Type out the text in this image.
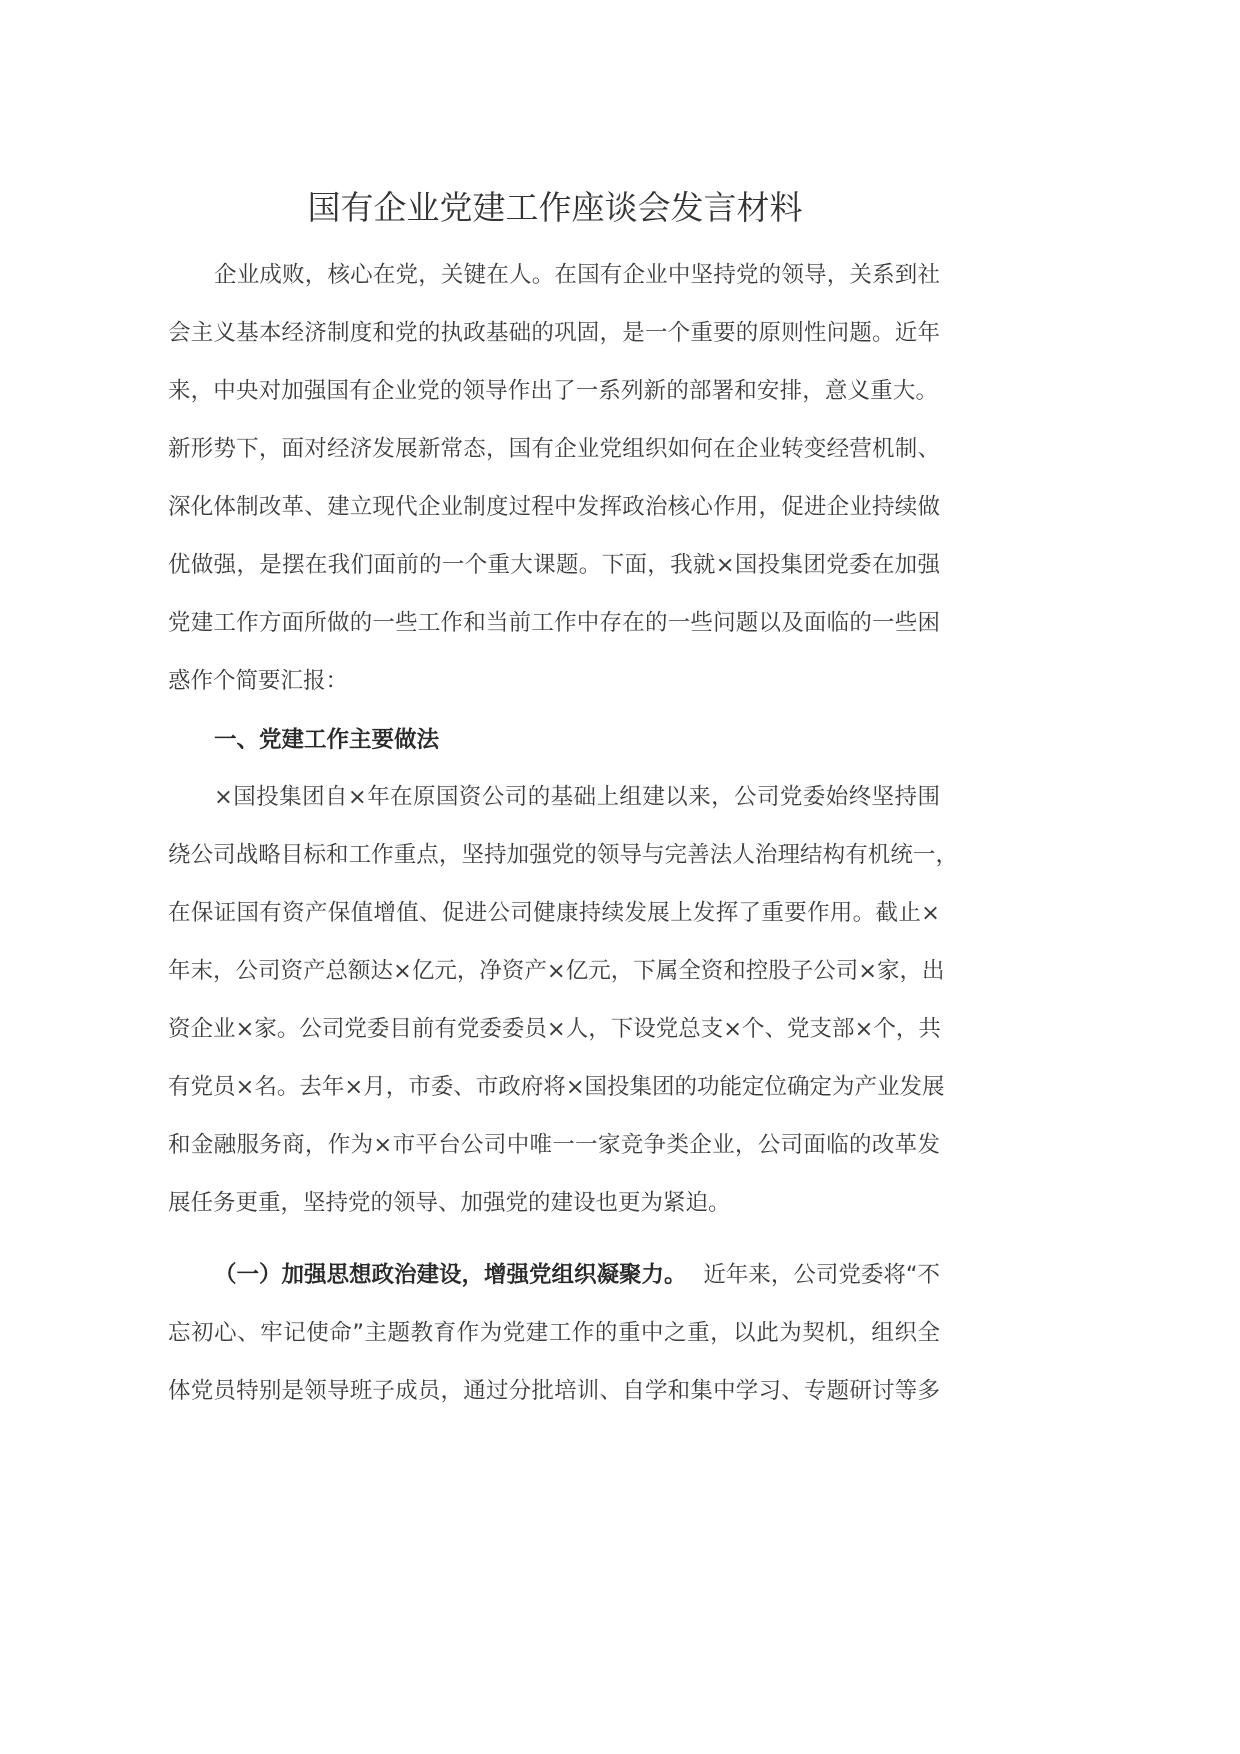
国有企业党建工作座谈会发言材料
企业成败，核心在党，关键在人。在国有企业中坚持党的领导，关系到社
会主义基本经济制度和党的执政基础的巩固，是一个重要的原则性问题。近年
来，中央对加强国有企业党的领导作出了一系列新的部署和安排，意义重大。
新形势下，面对经济发展新常态，国有企业党组织如何在企业转变经营机制、
深化体制改革、建立现代企业制度过程中发挥政治核心作用，促进企业持续做
优做强，是摆在我们面前的一个重大课题。下面，我就×国投集团党委在加强
党建工作方面所做的一些工作和当前工作中存在的一些问题以及面临的一些困
惑作个简要汇报：
一、党建工作主要做法
×国投集团自×年在原国资公司的基础上组建以来，公司党委始终坚持围
绕公司战略目标和工作重点，坚持加强党的领导与完善法人治理结构有机统一，
在保证国有资产保值增值、促进公司健康持续发展上发挥了重要作用。截止×
年末，公司资产总额达×亿元，净资产×亿元，下属全资和控股子公司×家，出
资企业×家。公司党委目前有党委委员×人，下设党总支×个、党支部×个，共
有党员×名。去年×月，市委、市政府将×国投集团的功能定位确定为产业发展
和金融服务商，作为×市平台公司中唯一一家竞争类企业，公司面临的改革发
展任务更重，坚持党的领导、加强党的建设也更为紧迫。
（一）加强思想政治建设，增强党组织凝聚力。 近年来，公司党委将“不
忘初心、牢记使命”主题教育作为党建工作的重中之重，以此为契机，组织全
体党员特别是领导班子成员，通过分批培训、自学和集中学习、专题研讨等多
